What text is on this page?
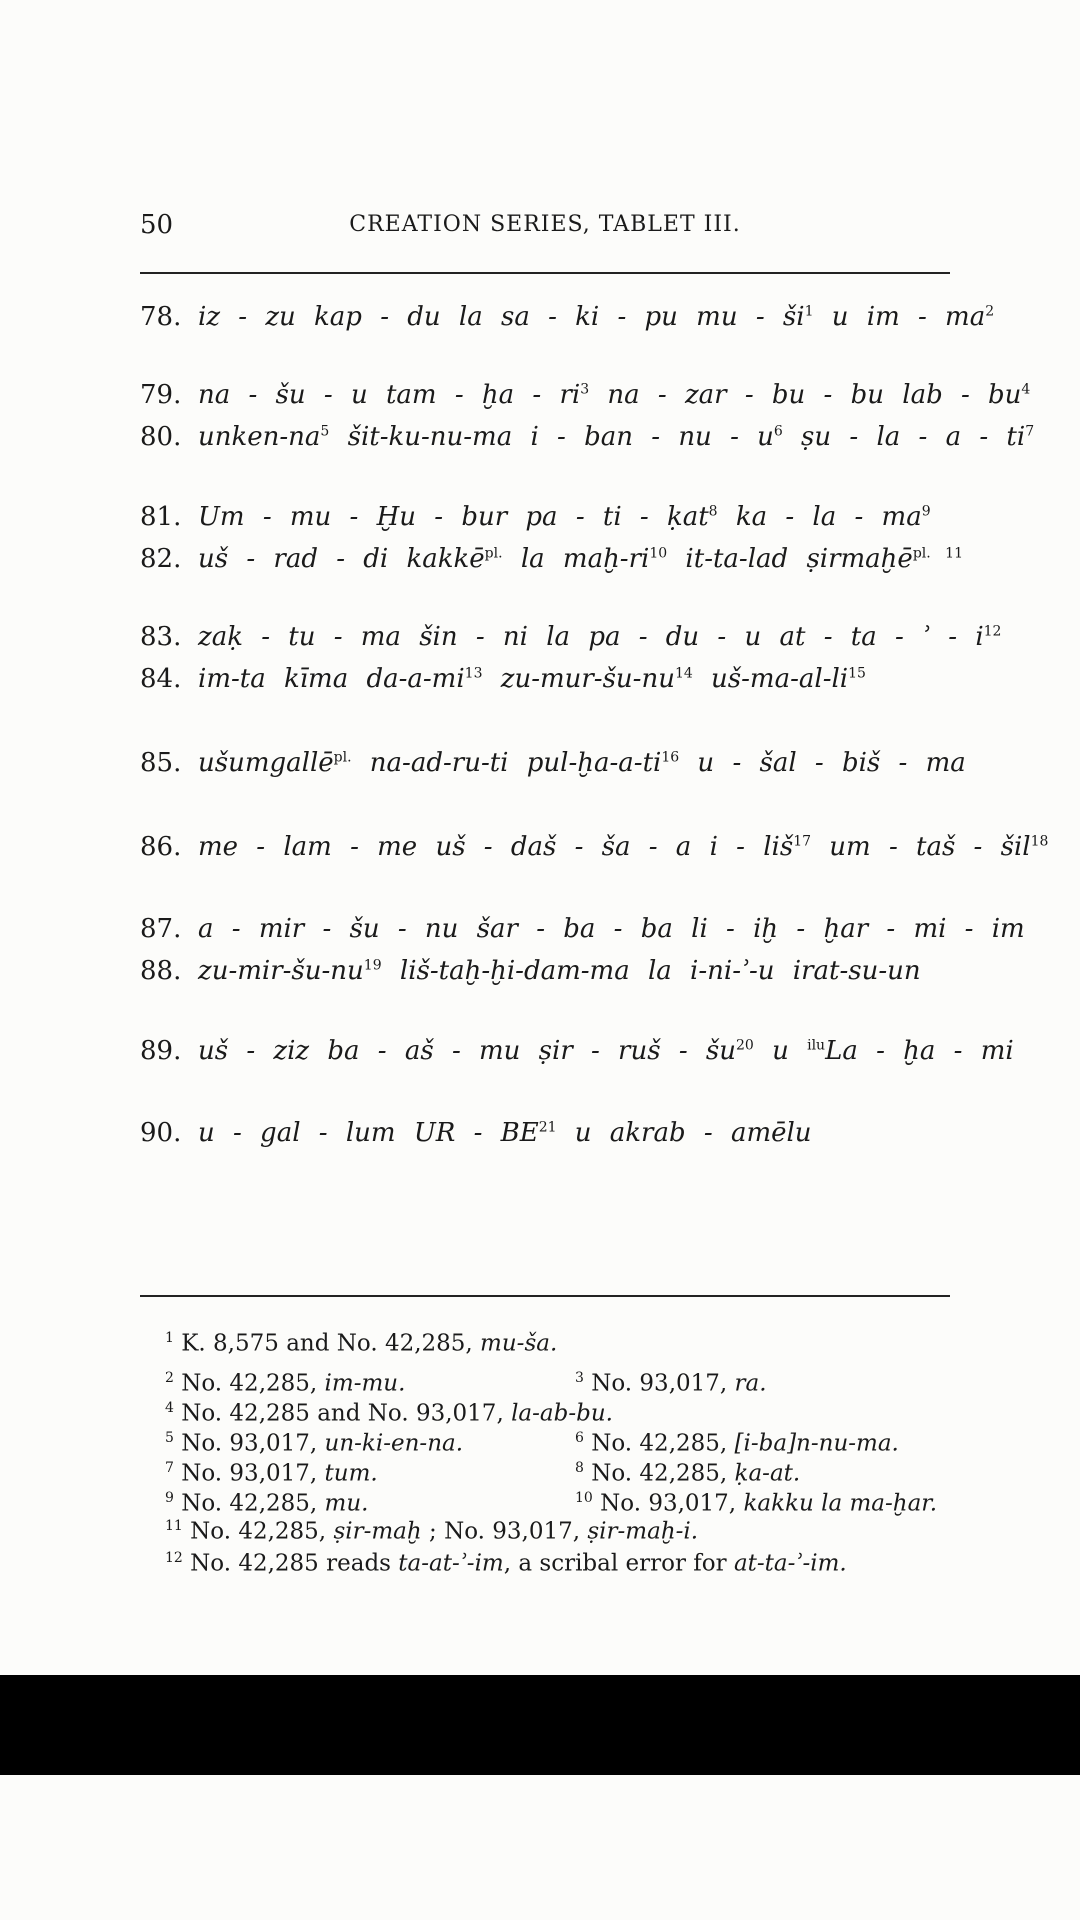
50	CREATION SERIES, TABLET III.
78. iz - zu kap - du la sa - ki - pu mu - $ši^1$ u im - $ma^2$
79. na - šu - u tam - ḫa - $ri^3$ na - zar - bu - bu lab - $bu^4$
80. unken-$na^5$ šit-ku-nu-ma i - ban - nu - $u^6$ ṣu - la - a - $ti^7$
81. Um - mu - Ḫu - bur pa - ti - ḳat$^8$ ka - la - $ma^9$
82. uš - rad - di kakkē$^{pl.}$ la maḫ-$ri^{10}$ it-ta-lad ṣirmaḫē$^{pl. 11}$
83. zaḳ - tu - ma šin - ni la pa - du - u at - ta - ʾ - $i^{12}$
84. im-ta kīma $da-a-mi^{13}$ $zu-mur-šu-nu^{14}$ $uš-ma-al-li^{15}$
85. ušumgallē$^{pl.}$ na-ad-ru-ti pul-$ḫa-a-ti^{16}$ u - šal - biš - ma
86. me - lam - me uš - daš - ša - a i - liš$^{17}$ um - taš - šil$^{18}$
87. a - mir - šu - nu šar - ba - ba li - iḫ - ḫar - mi - im
88. $zu-mir-šu-nu^{19}$ liš-taḫ-ḫi-dam-ma la i-ni-ʾ-u irat-su-un
89. uš - ziz ba - aš - mu ṣir - ruš - $šu^{20}$ u $^{ilu}$La - ḫa - mi
90. u - gal - lum UR - BE$^{21}$ u akrab - amēlu
$^1$ K. 8,575 and No. 42,285, mu-ša.
$^2$ No. 42,285, im-mu.	$^3$ No. 93,017, ra.
$^4$ No. 42,285 and No. 93,017, la-ab-bu.
$^5$ No. 93,017, un-ki-en-na.	$^6$ No. 42,285, [i-ba]n-nu-ma.
$^7$ No. 93,017, tum.	$^8$ No. 42,285, ḳa-at.
$^9$ No. 42,285, mu.	$^{10}$ No. 93,017, kakku la ma-ḫar.
$^{11}$ No. 42,285, ṣir-maḫ ; No. 93,017, ṣir-maḫ-i.
$^{12}$ No. 42,285 reads ta-at-ʾ-im, a scribal error for at-ta-ʾ-im.
